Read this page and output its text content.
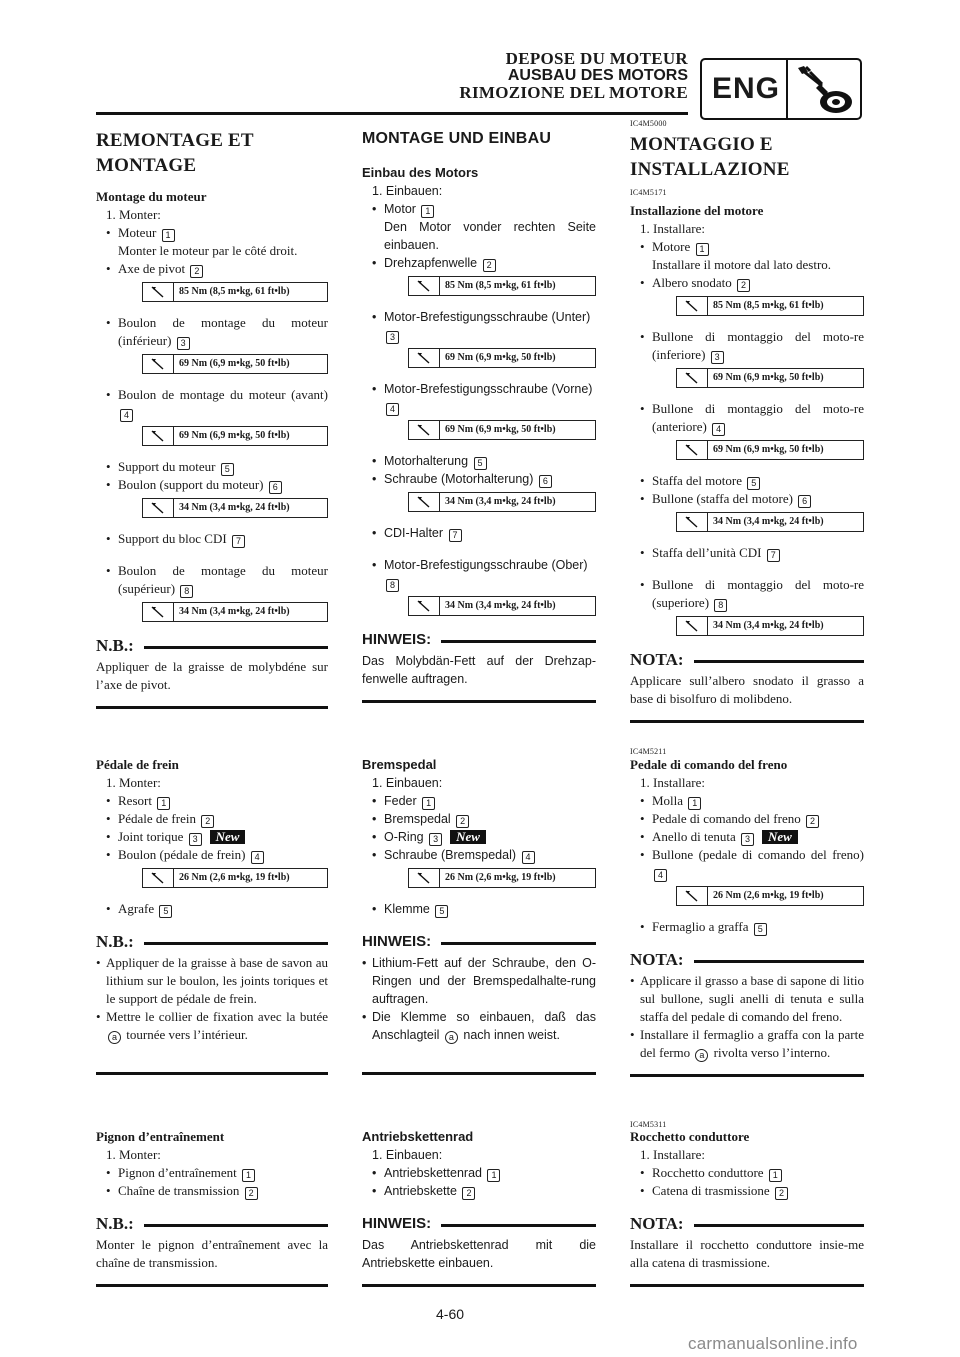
DEPOSE DU MOTEUR
AUSBAU DES MOTORS
RIMOZIONE DEL MOTORE ENG
REMONTAGE ET MONTAGE
Montage du moteur
1. Monter:
• Moteur 1
Monter le moteur par le côté droit.
• Axe de pivot 2
85 Nm (8,5 m•kg, 61 ft•lb)
• Boulon de montage du moteur (inférieur) 3
69 Nm (6,9 m•kg, 50 ft•lb)
• Boulon de montage du moteur (avant) 4
69 Nm (6,9 m•kg, 50 ft•lb)
• Support du moteur 5
• Boulon (support du moteur) 6
34 Nm (3,4 m•kg, 24 ft•lb)
• Support du bloc CDI 7
• Boulon de montage du moteur (supérieur) 8
34 Nm (3,4 m•kg, 24 ft•lb)
N.B.:
Appliquer de la graisse de molybdéne sur l’axe de pivot.
Pédale de frein
1. Monter:
• Resort 1
• Pédale de frein 2
• Joint torique 3 New
• Boulon (pédale de frein) 4
26 Nm (2,6 m•kg, 19 ft•lb)
• Agrafe 5
N.B.:
• Appliquer de la graisse à base de savon au lithium sur le boulon, les joints toriques et le support de pédale de frein.
• Mettre le collier de fixation avec la butée a tournée vers l’intérieur.
Pignon d’entraînement
1. Monter:
• Pignon d’entraînement 1
• Chaîne de transmission 2
N.B.:
Monter le pignon d’entraînement avec la chaîne de transmission.
MONTAGE UND EINBAU
Einbau des Motors
1. Einbauen:
• Motor 1
Den Motor vonder rechten Seite einbauen.
• Drehzapfenwelle 2
85 Nm (8,5 m•kg, 61 ft•lb)
• Motor-Brefestigungsschraube (Unter) 3
69 Nm (6,9 m•kg, 50 ft•lb)
• Motor-Brefestigungsschraube (Vorne) 4
69 Nm (6,9 m•kg, 50 ft•lb)
• Motorhalterung 5
• Schraube (Motorhalterung) 6
34 Nm (3,4 m•kg, 24 ft•lb)
• CDI-Halter 7
• Motor-Brefestigungsschraube (Ober) 8
34 Nm (3,4 m•kg, 24 ft•lb)
HINWEIS:
Das Molybdän-Fett auf der Drehzap-fenwelle auftragen.
Bremspedal
1. Einbauen:
• Feder 1
• Bremspedal 2
• O-Ring 3 New
• Schraube (Bremspedal) 4
26 Nm (2,6 m•kg, 19 ft•lb)
• Klemme 5
HINWEIS:
• Lithium-Fett auf der Schraube, den O-Ringen und der Bremspedalhalte-rung auftragen.
• Die Klemme so einbauen, daß das Anschlagteil a nach innen weist.
Antriebskettenrad
1. Einbauen:
• Antriebskettenrad 1
• Antriebskette 2
HINWEIS:
Das Antriebskettenrad mit die Antriebskette einbauen.
IC4M5000
MONTAGGIO E INSTALLAZIONE
IC4M5171
Installazione del motore
1. Installare:
• Motore 1
Installare il motore dal lato destro.
• Albero snodato 2
85 Nm (8,5 m•kg, 61 ft•lb)
• Bullone di montaggio del moto-re (inferiore) 3
69 Nm (6,9 m•kg, 50 ft•lb)
• Bullone di montaggio del moto-re (anteriore) 4
69 Nm (6,9 m•kg, 50 ft•lb)
• Staffa del motore 5
• Bullone (staffa del motore) 6
34 Nm (3,4 m•kg, 24 ft•lb)
• Staffa dell’unità CDI 7
• Bullone di montaggio del moto-re (superiore) 8
34 Nm (3,4 m•kg, 24 ft•lb)
NOTA:
Applicare sull’albero snodato il grasso a base di bisolfuro di molibdeno.
IC4M5211
Pedale di comando del freno
1. Installare:
• Molla 1
• Pedale di comando del freno 2
• Anello di tenuta 3 New
• Bullone (pedale di comando del freno) 4
26 Nm (2,6 m•kg, 19 ft•lb)
• Fermaglio a graffa 5
NOTA:
• Applicare il grasso a base di sapone di litio sul bullone, sugli anelli di tenuta e sulla staffa del pedale di comando del freno.
• Installare il fermaglio a graffa con la parte del fermo a rivolta verso l’interno.
IC4M5311
Rocchetto conduttore
1. Installare:
• Rocchetto conduttore 1
• Catena di trasmissione 2
NOTA:
Installare il rocchetto conduttore insie-me alla catena di trasmissione.
4-60
carmanualsonline.info
